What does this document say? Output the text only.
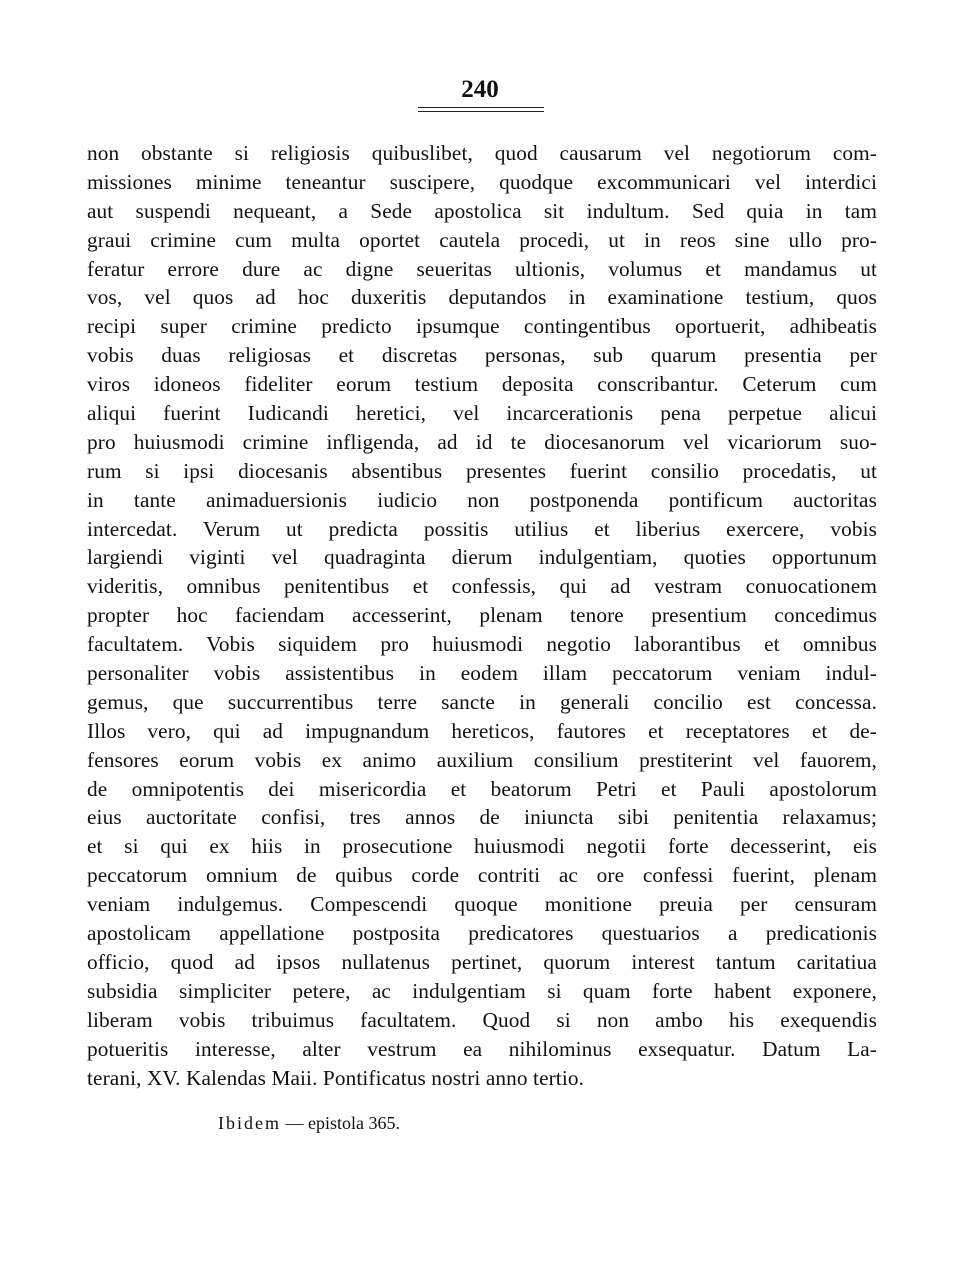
240
non obstante si religiosis quibuslibet, quod causarum vel negotiorum com-
missiones minime teneantur suscipere, quodque excommunicari vel interdici
aut suspendi nequeant, a Sede apostolica sit indultum. Sed quia in tam
graui crimine cum multa oportet cautela procedi, ut in reos sine ullo pro-
feratur errore dure ac digne seueritas ultionis, volumus et mandamus ut
vos, vel quos ad hoc duxeritis deputandos in examinatione testium, quos
recipi super crimine predicto ipsumque contingentibus oportuerit, adhibeatis
vobis duas religiosas et discretas personas, sub quarum presentia per
viros idoneos fideliter eorum testium deposita conscribantur. Ceterum cum
aliqui fuerint Iudicandi heretici, vel incarcerationis pena perpetue alicui
pro huiusmodi crimine infligenda, ad id te diocesanorum vel vicariorum suo-
rum si ipsi diocesanis absentibus presentes fuerint consilio procedatis, ut
in tante animaduersionis iudicio non postponenda pontificum auctoritas
intercedat. Verum ut predicta possitis utilius et liberius exercere, vobis
largiendi viginti vel quadraginta dierum indulgentiam, quoties opportunum
videritis, omnibus penitentibus et confessis, qui ad vestram conuocationem
propter hoc faciendam accesserint, plenam tenore presentium concedimus
facultatem. Vobis siquidem pro huiusmodi negotio laborantibus et omnibus
personaliter vobis assistentibus in eodem illam peccatorum veniam indul-
gemus, que succurrentibus terre sancte in generali concilio est concessa.
Illos vero, qui ad impugnandum hereticos, fautores et receptatores et de-
fensores eorum vobis ex animo auxilium consilium prestiterint vel fauorem,
de omnipotentis dei misericordia et beatorum Petri et Pauli apostolorum
eius auctoritate confisi, tres annos de iniuncta sibi penitentia relaxamus;
et si qui ex hiis in prosecutione huiusmodi negotii forte decesserint, eis
peccatorum omnium de quibus corde contriti ac ore confessi fuerint, plenam
veniam indulgemus. Compescendi quoque monitione preuia per censuram
apostolicam appellatione postposita predicatores questuarios a predicationis
officio, quod ad ipsos nullatenus pertinet, quorum interest tantum caritatiua
subsidia simpliciter petere, ac indulgentiam si quam forte habent exponere,
liberam vobis tribuimus facultatem. Quod si non ambo his exequendis
potueritis interesse, alter vestrum ea nihilominus exsequatur. Datum La-
terani, XV. Kalendas Maii. Pontificatus nostri anno tertio.
Ibidem — epistola 365.
